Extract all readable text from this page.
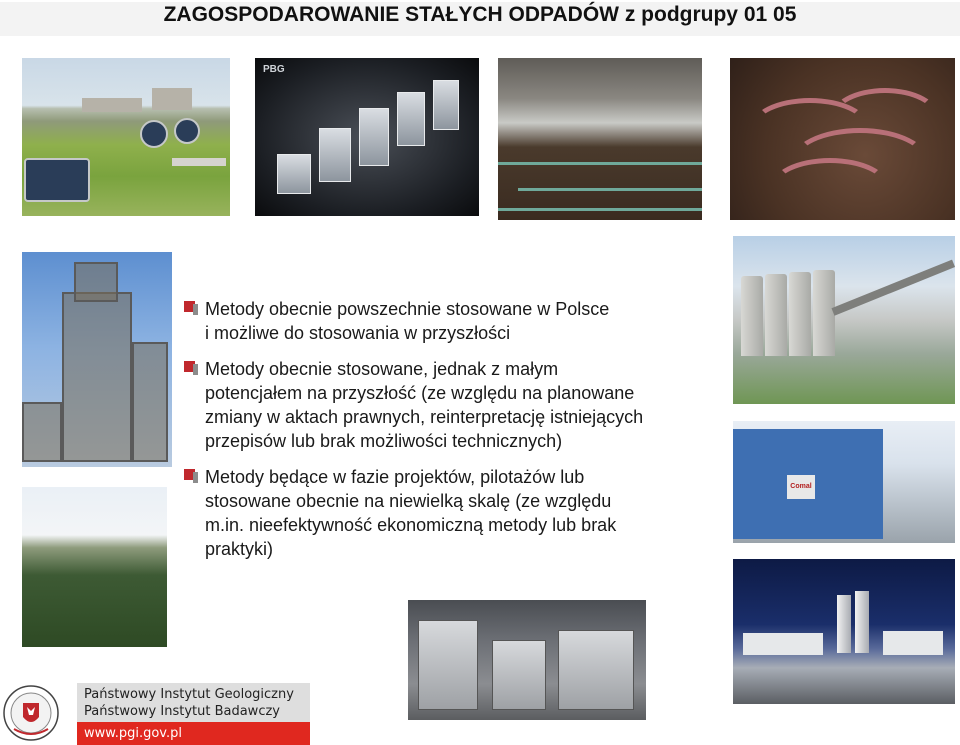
ZAGOSPODAROWANIE STAŁYCH ODPADÓW z podgrupy 01 05
PBG
Comal
Metody obecnie powszechnie stosowane w Polsce
i możliwe do stosowania w przyszłości
Metody obecnie stosowane, jednak z małym
potencjałem na przyszłość (ze względu na planowane
zmiany w aktach prawnych, reinterpretację istniejących
przepisów lub brak możliwości technicznych)
Metody będące w fazie projektów, pilotażów lub
stosowane obecnie na niewielką skalę (ze względu
m.in. nieefektywność ekonomiczną metody lub brak
praktyki)
Państwowy Instytut Geologiczny
Państwowy Instytut Badawczy
www.pgi.gov.pl
